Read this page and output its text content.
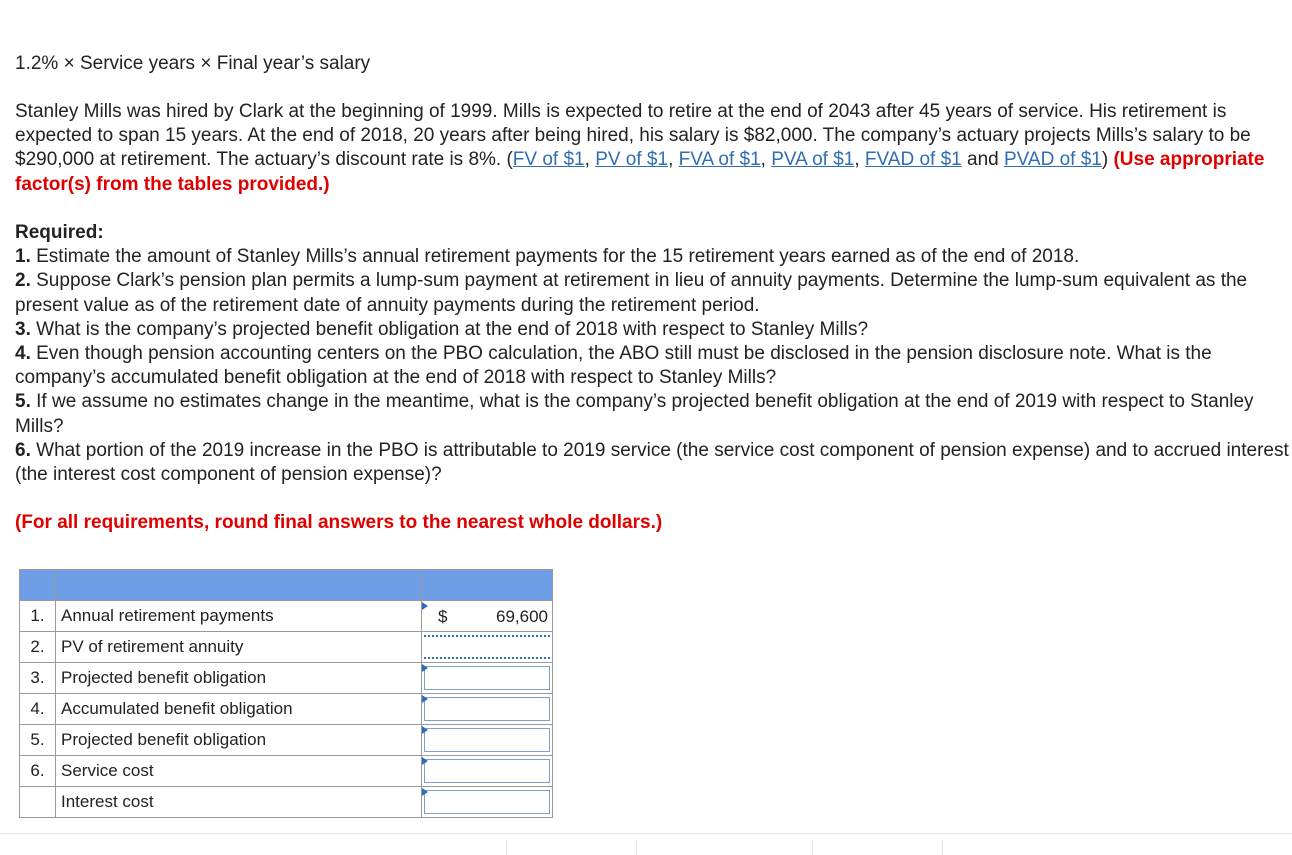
1.2% × Service years × Final year’s salary

Stanley Mills was hired by Clark at the beginning of 1999. Mills is expected to retire at the end of 2043 after 45 years of service. His retirement is expected to span 15 years. At the end of 2018, 20 years after being hired, his salary is $82,000. The company’s actuary projects Mills’s salary to be $290,000 at retirement. The actuary’s discount rate is 8%. (FV of $1, PV of $1, FVA of $1, PVA of $1, FVAD of $1 and PVAD of $1) (Use appropriate factor(s) from the tables provided.)

Required:
1. Estimate the amount of Stanley Mills’s annual retirement payments for the 15 retirement years earned as of the end of 2018.
2. Suppose Clark’s pension plan permits a lump-sum payment at retirement in lieu of annuity payments. Determine the lump-sum equivalent as the present value as of the retirement date of annuity payments during the retirement period.
3. What is the company’s projected benefit obligation at the end of 2018 with respect to Stanley Mills?
4. Even though pension accounting centers on the PBO calculation, the ABO still must be disclosed in the pension disclosure note. What is the company’s accumulated benefit obligation at the end of 2018 with respect to Stanley Mills?
5. If we assume no estimates change in the meantime, what is the company’s projected benefit obligation at the end of 2019 with respect to Stanley Mills?
6. What portion of the 2019 increase in the PBO is attributable to 2019 service (the service cost component of pension expense) and to accrued interest (the interest cost component of pension expense)?

(For all requirements, round final answers to the nearest whole dollars.)

1.	Annual retirement payments	$ 69,600

2.	PV of retirement annuity	

3.	Projected benefit obligation	

4.	Accumulated benefit obligation	

5.	Projected benefit obligation	

6.	Service cost	

	Interest cost	
